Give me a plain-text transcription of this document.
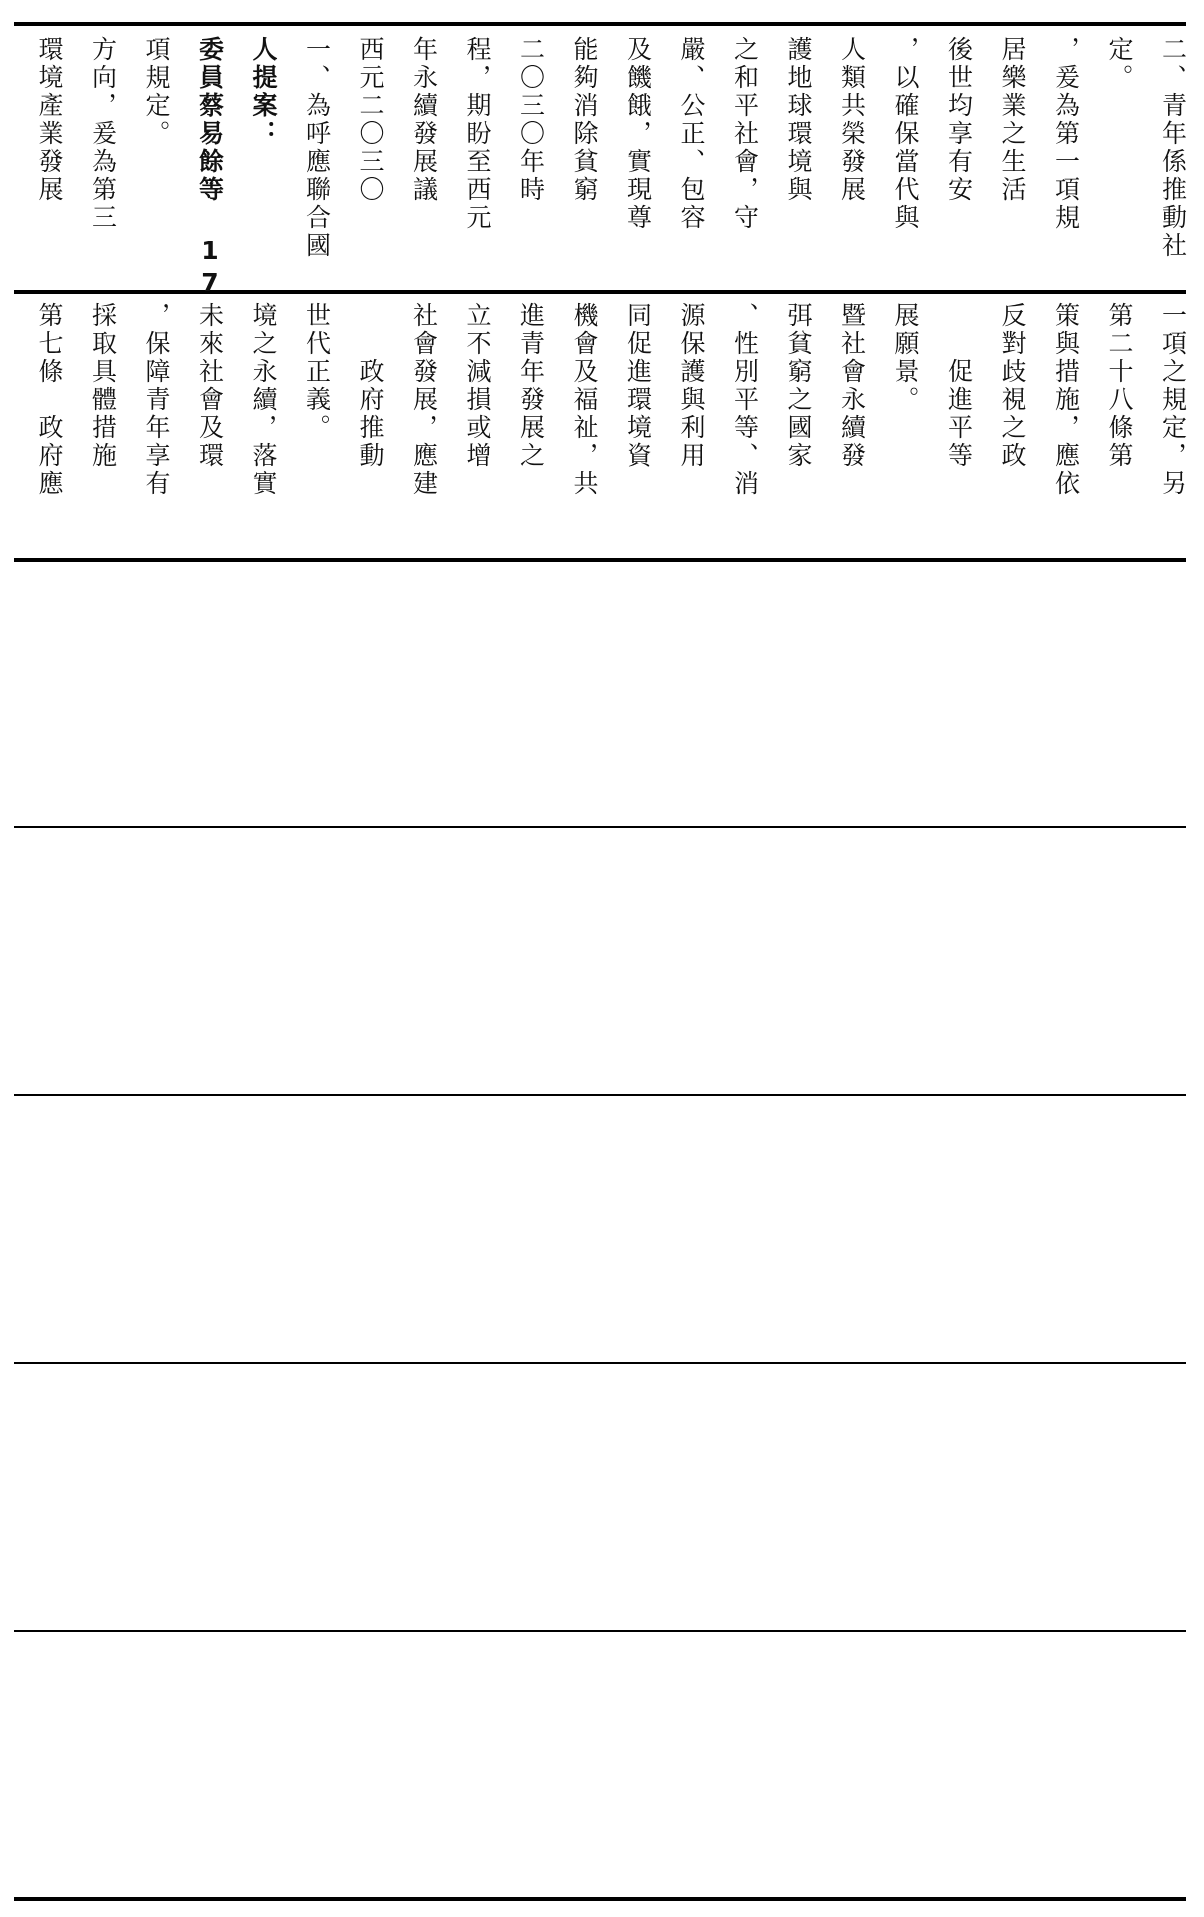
環境產業發展 方向，爰為第三 項規定。 委員蔡易餘等 17 人提案： 一、為呼應聯合國 西元二〇三〇 年永續發展議 程，期盼至西元 二〇三〇年時 能夠消除貧窮 及饑餓，實現尊 嚴、公正、包容 之和平社會，守 護地球環境與 人類共榮發展 ，以確保當代與 後世均享有安 居樂業之生活 ，爰為第一項規 定。 二、青年係推動社
第七條　政府應 採取具體措施 ，保障青年享有 未來社會及環 境之永續，落實 世代正義。 　　政府推動 社會發展，應建 立不減損或增 進青年發展之 機會及福祉，共 同促進環境資 源保護與利用 、性別平等、消 弭貧窮之國家 暨社會永續發 展願景。 　　促進平等 反對歧視之政 策與措施，應依 第二十八條第 一項之規定，另
